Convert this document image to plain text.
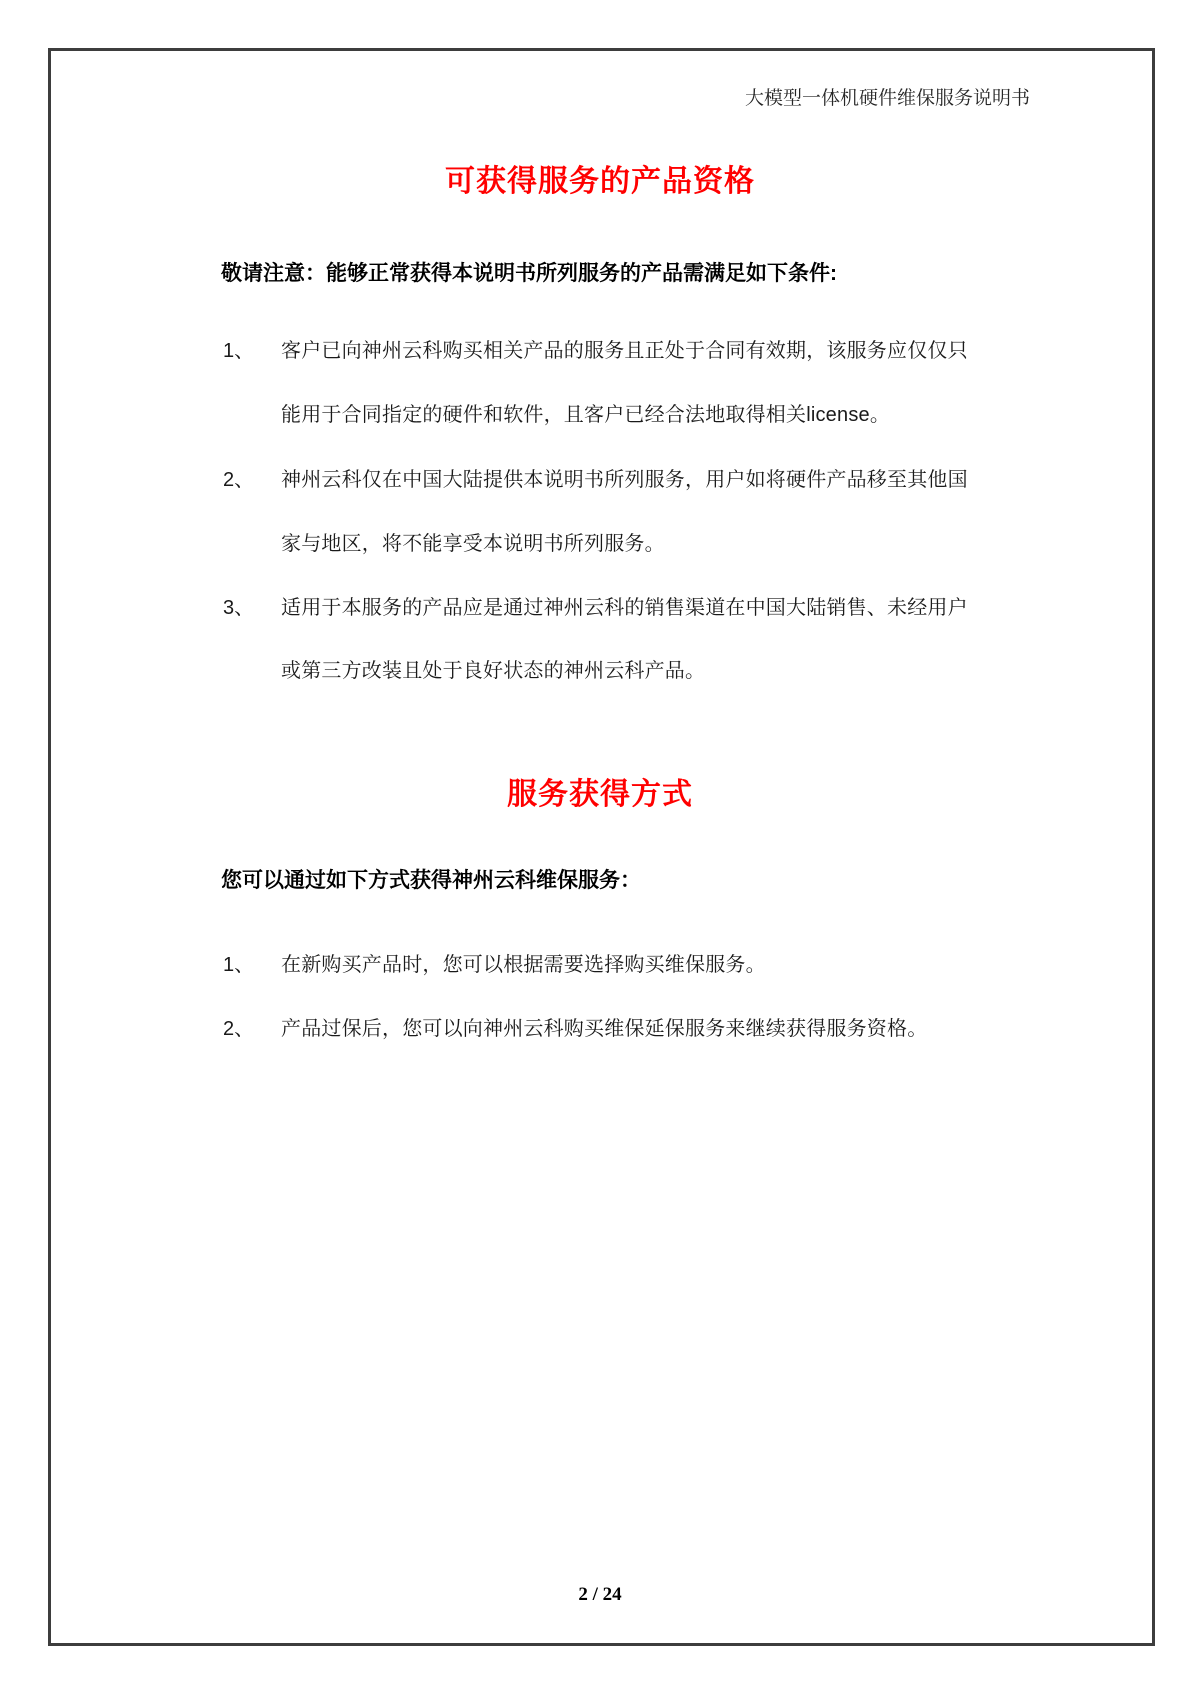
大模型一体机硬件维保服务说明书
可获得服务的产品资格
敬请注意：能够正常获得本说明书所列服务的产品需满足如下条件:
1、 客户已向神州云科购买相关产品的服务且正处于合同有效期，该服务应仅仅只
能用于合同指定的硬件和软件，且客户已经合法地取得相关license。
2、 神州云科仅在中国大陆提供本说明书所列服务，用户如将硬件产品移至其他国
家与地区，将不能享受本说明书所列服务。
3、 适用于本服务的产品应是通过神州云科的销售渠道在中国大陆销售、未经用户
或第三方改装且处于良好状态的神州云科产品。
服务获得方式
您可以通过如下方式获得神州云科维保服务：
1、 在新购买产品时，您可以根据需要选择购买维保服务。
2、 产品过保后，您可以向神州云科购买维保延保服务来继续获得服务资格。
2 / 24
